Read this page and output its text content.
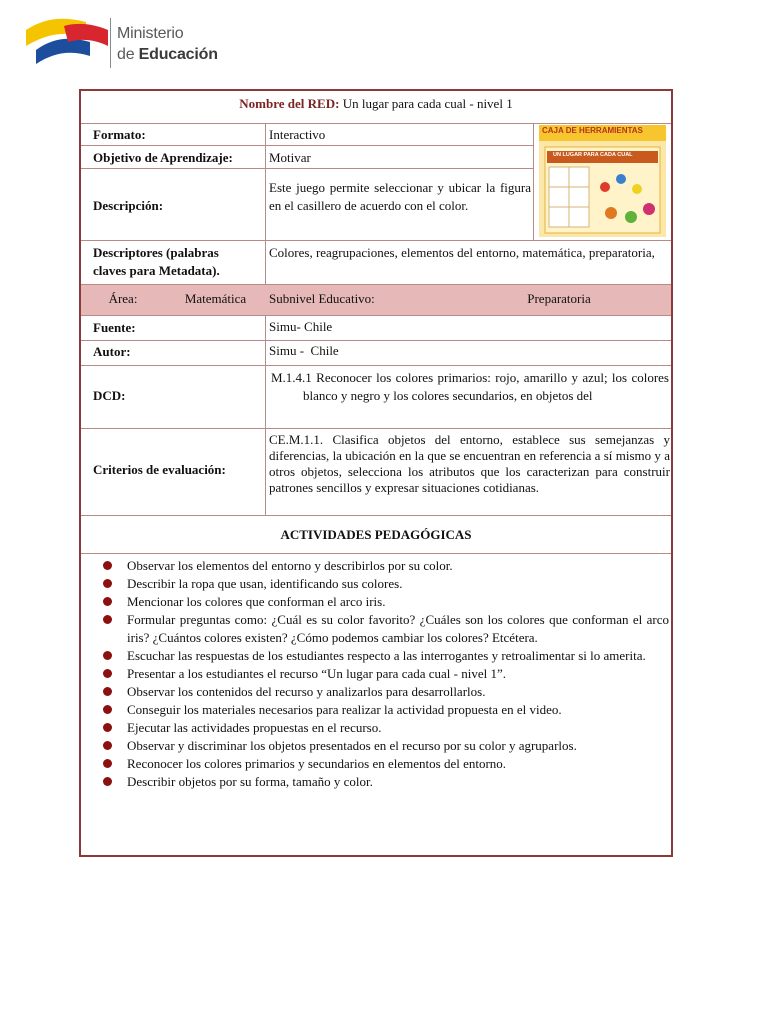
Ministerio
de Educación
Nombre del RED: Un lugar para cada cual - nivel 1
Formato:	Interactivo
Objetivo de Aprendizaje:	Motivar
Descripción:
Este juego permite seleccionar y ubicar la figura en el casillero de acuerdo con el color.
CAJA DE HERRAMIENTAS
UN LUGAR PARA CADA CUAL
Descriptores (palabras
claves para Metadata).
Colores, reagrupaciones, elementos del entorno, matemática, preparatoria,
Área:	Matemática	Subnivel Educativo:	Preparatoria
Fuente:	Simu- Chile
Autor:	Simu -  Chile
DCD:
M.1.4.1 Reconocer los colores primarios: rojo, amarillo y azul; los colores blanco y negro y los colores secundarios, en objetos del
Criterios de evaluación:
CE.M.1.1. Clasifica objetos del entorno, establece sus semejanzas y diferencias, la ubicación en la que se encuentran en referencia a sí mismo y a otros objetos, selecciona los atributos que los caracterizan para construir patrones sencillos y expresar situaciones cotidianas.
ACTIVIDADES PEDAGÓGICAS
Observar los elementos del entorno y describirlos por su color.
Describir la ropa que usan, identificando sus colores.
Mencionar los colores que conforman el arco iris.
Formular preguntas como: ¿Cuál es su color favorito? ¿Cuáles son los colores que conforman el arco iris? ¿Cuántos colores existen? ¿Cómo podemos cambiar los colores? Etcétera.
Escuchar las respuestas de los estudiantes respecto a las interrogantes y retroalimentar si lo amerita.
Presentar a los estudiantes el recurso “Un lugar para cada cual - nivel 1”.
Observar los contenidos del recurso y analizarlos para desarrollarlos.
Conseguir los materiales necesarios para realizar la actividad propuesta en el video.
Ejecutar las actividades propuestas en el recurso.
Observar y discriminar los objetos presentados en el recurso por su color y agruparlos.
Reconocer los colores primarios y secundarios en elementos del entorno.
Describir objetos por su forma, tamaño y color.
